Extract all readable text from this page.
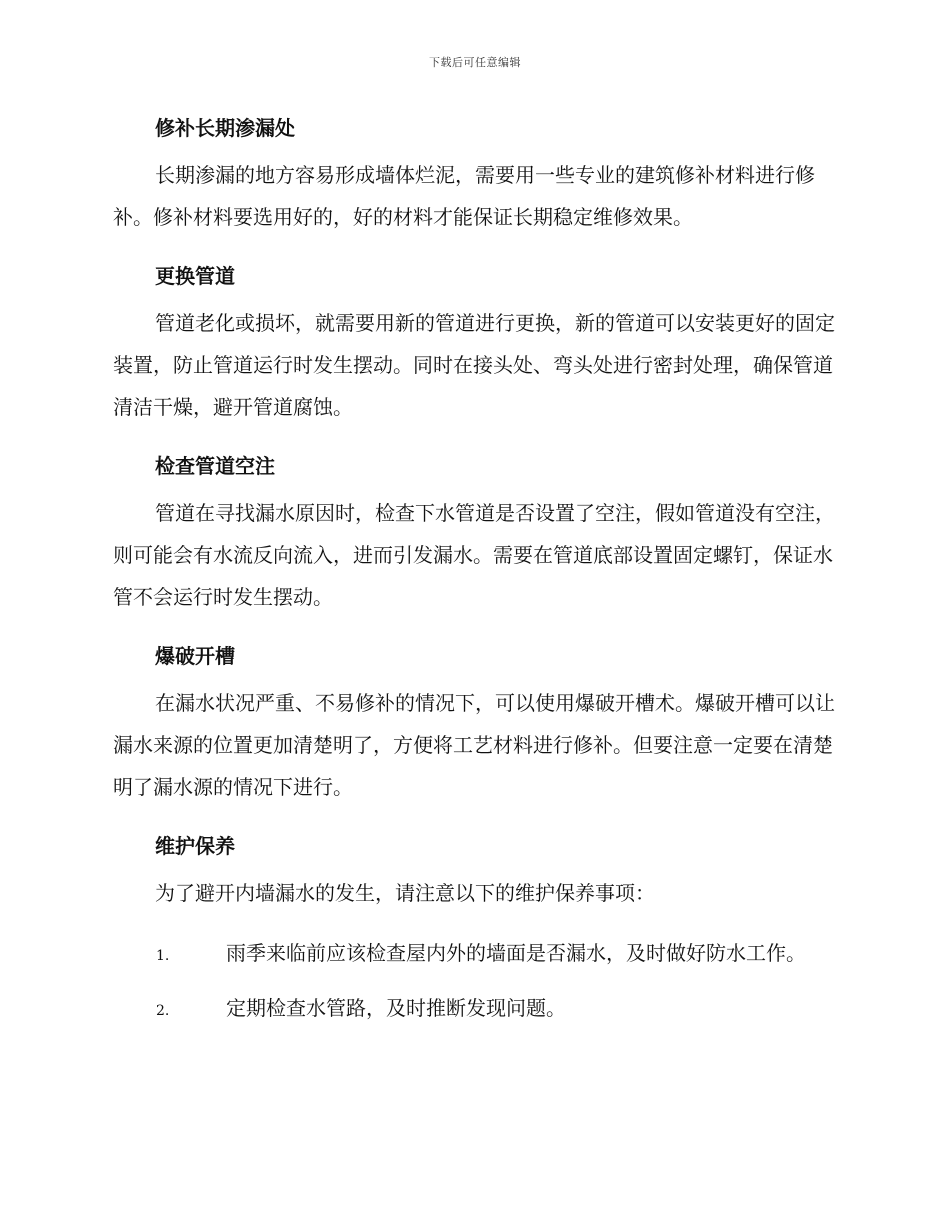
下载后可任意编辑
修补长期渗漏处
长期渗漏的地方容易形成墙体烂泥，需要用一些专业的建筑修补材料进行修补。修补材料要选用好的，好的材料才能保证长期稳定维修效果。
更换管道
管道老化或损坏，就需要用新的管道进行更换，新的管道可以安装更好的固定装置，防止管道运行时发生摆动。同时在接头处、弯头处进行密封处理，确保管道清洁干燥，避开管道腐蚀。
检查管道空注
管道在寻找漏水原因时，检查下水管道是否设置了空注，假如管道没有空注，则可能会有水流反向流入，进而引发漏水。需要在管道底部设置固定螺钉，保证水管不会运行时发生摆动。
爆破开槽
在漏水状况严重、不易修补的情况下，可以使用爆破开槽术。爆破开槽可以让漏水来源的位置更加清楚明了，方便将工艺材料进行修补。但要注意一定要在清楚明了漏水源的情况下进行。
维护保养
为了避开内墙漏水的发生，请注意以下的维护保养事项：
1.	雨季来临前应该检查屋内外的墙面是否漏水，及时做好防水工作。
2.	定期检查水管路，及时推断发现问题。
